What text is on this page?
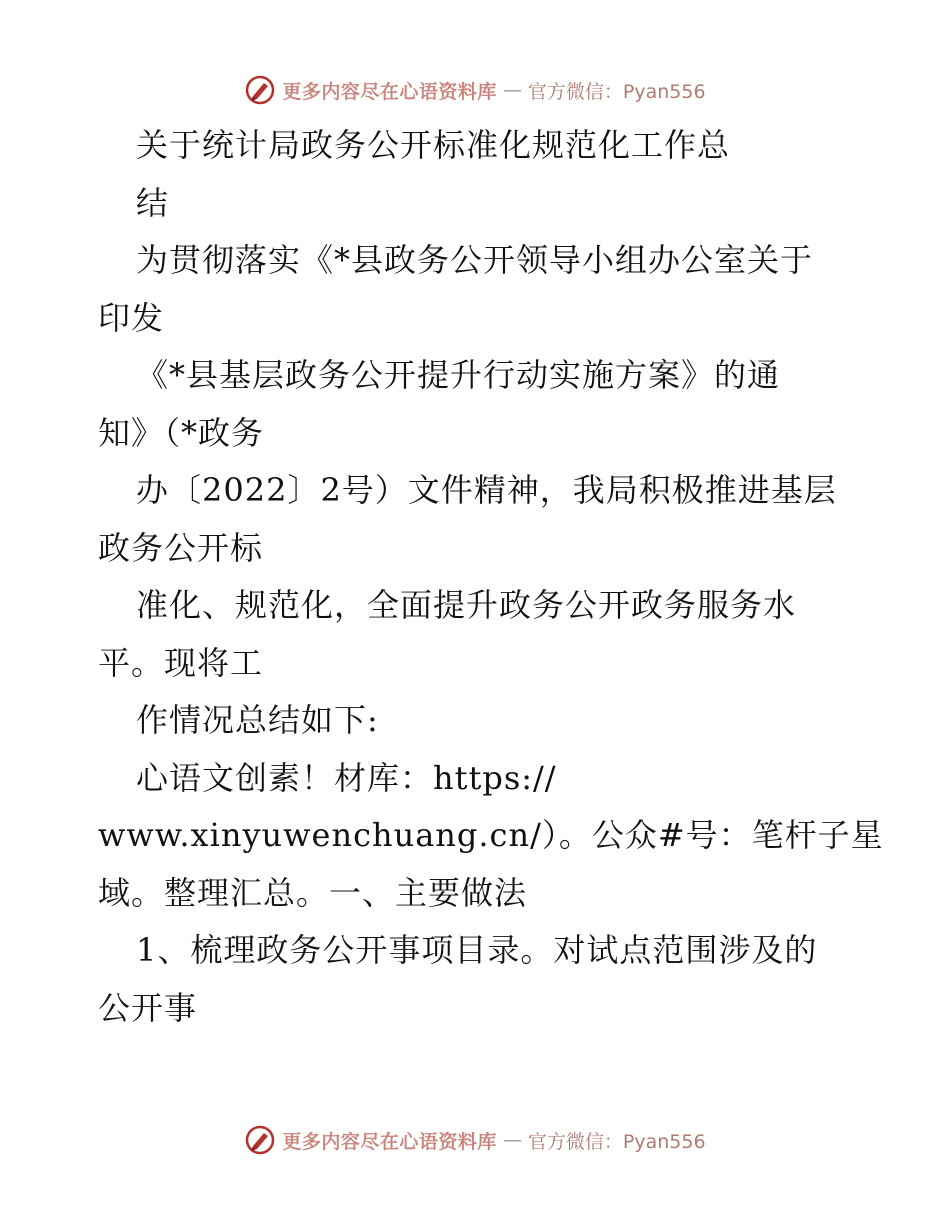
更多内容尽在心语资料库 — 官方微信：Pyan556
关于统计局政务公开标准化规范化工作总
结
为贯彻落实《*县政务公开领导小组办公室关于
印发
《*县基层政务公开提升行动实施方案》的通
知》（*政务
办〔2022〕2号）文件精神，我局积极推进基层
政务公开标
准化、规范化，全面提升政务公开政务服务水
平。现将工
作情况总结如下:
心语文创素！材库：https://
www.xinyuwenchuang.cn/）。公众#号：笔杆子星
域。整理汇总。一、主要做法
1、梳理政务公开事项目录。对试点范围涉及的
公开事
更多内容尽在心语资料库 — 官方微信：Pyan556
